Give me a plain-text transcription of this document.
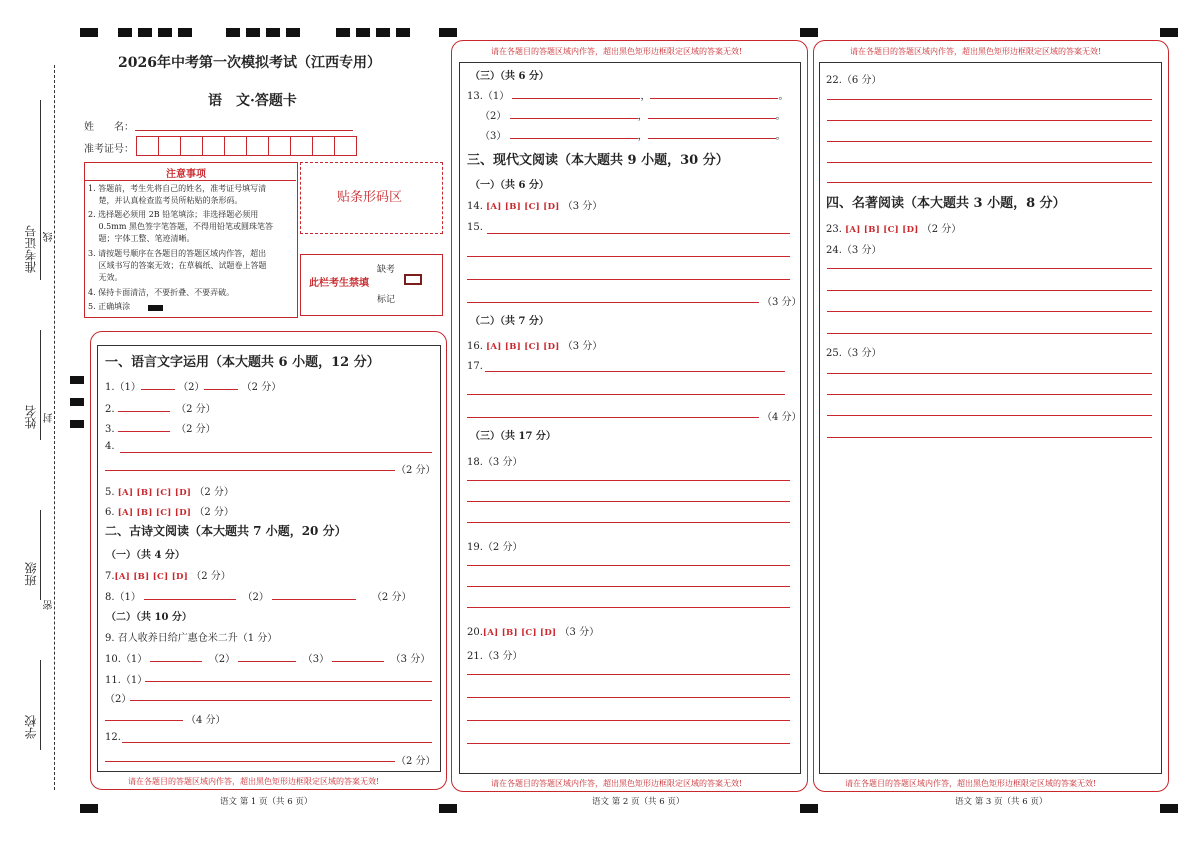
准考证号
姓名
班级
学校
线
封
密
2026年中考第一次模拟考试（江西专用）
语　文·答题卡
姓　　名：
准考证号：
注意事项
1. 答题前，考生先将自己的姓名，准考证号填写清
　 楚，并认真检查监考员所粘贴的条形码。
2. 选择题必须用 2B 铅笔填涂；非选择题必须用
　 0.5mm 黑色签字笔答题，不得用铅笔或圆珠笔答
　 题；字体工整、笔迹清晰。
3. 请按题号顺序在各题目的答题区域内作答，超出
　 区域书写的答案无效；在草稿纸、试题卷上答题
　 无效。
4. 保持卡面清洁，不要折叠、不要弄破。
5. 正确填涂
贴条形码区
此栏考生禁填
缺考
标记
请在各题目的答题区域内作答，超出黑色矩形边框限定区域的答案无效!
一、语言文字运用（本大题共 6 小题，12 分）
1.（1）	（2）	（2 分）
2.	（2 分）
3.	（2 分）
4.
（2 分）
5. [A] [B] [C] [D] （2 分）
6. [A] [B] [C] [D] （2 分）
二、古诗文阅读（本大题共 7 小题，20 分）
（一）（共 4 分）
7.[A] [B] [C] [D] （2 分）
8.（1）	（2）	（2 分）
（二）（共 10 分）
9. 召人收养日给广惠仓米二升（1 分）
10.（1）	（2）	（3）	（3 分）
11.（1）
（2）
（4 分）
12.
（2 分）
语文 第 1 页（共 6 页）
请在各题目的答题区域内作答，超出黑色矩形边框限定区域的答案无效!
请在各题目的答题区域内作答，超出黑色矩形边框限定区域的答案无效!
（三）（共 6 分）
13.（1）	，	。
（2）	，	。
（3）	，	。
三、现代文阅读（本大题共 9 小题，30 分）
（一）（共 6 分）
14. [A] [B] [C] [D] （3 分）
15.
（3 分）
（二）（共 7 分）
16. [A] [B] [C] [D] （3 分）
17.
（4 分）
（三）（共 17 分）
18.（3 分）
19.（2 分）
20.[A] [B] [C] [D] （3 分）
21.（3 分）
语文 第 2 页（共 6 页）
请在各题目的答题区域内作答，超出黑色矩形边框限定区域的答案无效!
请在各题目的答题区域内作答，超出黑色矩形边框限定区域的答案无效!
22.（6 分）
四、名著阅读（本大题共 3 小题，8 分）
23. [A] [B] [C] [D] （2 分）
24.（3 分）
25.（3 分）
语文 第 3 页（共 6 页）
